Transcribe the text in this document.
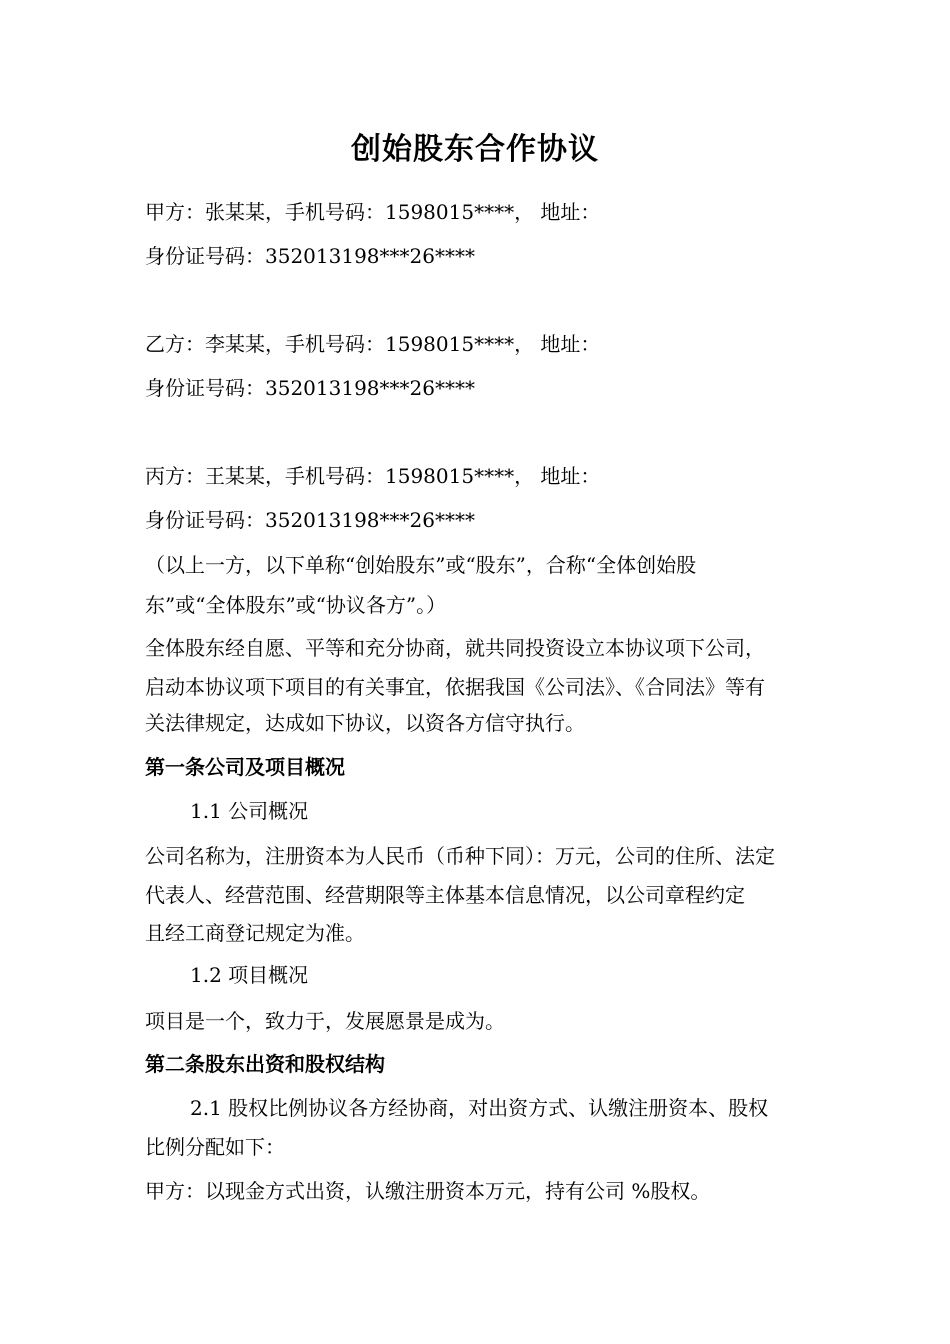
创始股东合作协议
甲方：张某某，手机号码：1598015****， 地址：
身份证号码：352013198***26****
乙方：李某某，手机号码：1598015****， 地址：
身份证号码：352013198***26****
丙方：王某某，手机号码：1598015****， 地址：
身份证号码：352013198***26****
（以上一方，以下单称“创始股东”或“股东”，合称“全体创始股
东”或“全体股东”或“协议各方”。）
全体股东经自愿、平等和充分协商，就共同投资设立本协议项下公司，
启动本协议项下项目的有关事宜，依据我国《公司法》、《合同法》等有
关法律规定，达成如下协议，以资各方信守执行。
第一条公司及项目概况
1.1 公司概况
公司名称为，注册资本为人民币（币种下同）：万元，公司的住所、法定
代表人、经营范围、经营期限等主体基本信息情况，以公司章程约定
且经工商登记规定为准。
1.2 项目概况
项目是一个，致力于，发展愿景是成为。
第二条股东出资和股权结构
2.1 股权比例协议各方经协商，对出资方式、认缴注册资本、股权
比例分配如下：
甲方：以现金方式出资，认缴注册资本万元，持有公司 %股权。
